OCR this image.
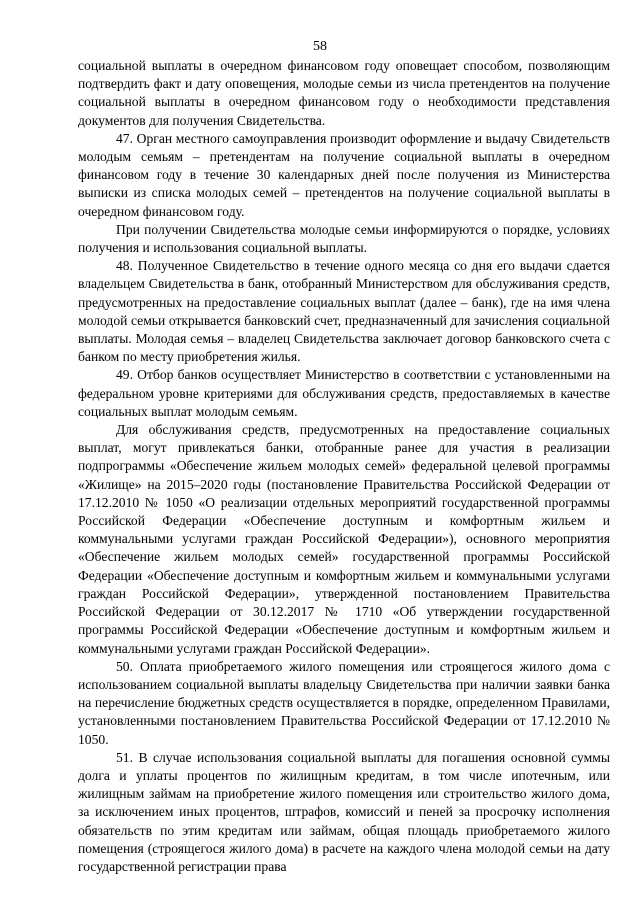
58

социальной выплаты в очередном финансовом году оповещает способом, позволяющим подтвердить факт и дату оповещения, молодые семьи из числа претендентов на получение социальной выплаты в очередном финансовом году о необходимости представления документов для получения Свидетельства.

47. Орган местного самоуправления производит оформление и выдачу Свидетельств молодым семьям – претендентам на получение социальной выплаты в очередном финансовом году в течение 30 календарных дней после получения из Министерства выписки из списка молодых семей – претендентов на получение социальной выплаты в очередном финансовом году.

При получении Свидетельства молодые семьи информируются о порядке, условиях получения и использования социальной выплаты.

48. Полученное Свидетельство в течение одного месяца со дня его выдачи сдается владельцем Свидетельства в банк, отобранный Министерством для обслуживания средств, предусмотренных на предоставление социальных выплат (далее – банк), где на имя члена молодой семьи открывается банковский счет, предназначенный для зачисления социальной выплаты. Молодая семья – владелец Свидетельства заключает договор банковского счета с банком по месту приобретения жилья.

49. Отбор банков осуществляет Министерство в соответствии с установленными на федеральном уровне критериями для обслуживания средств, предоставляемых в качестве социальных выплат молодым семьям.

Для обслуживания средств, предусмотренных на предоставление социальных выплат, могут привлекаться банки, отобранные ранее для участия в реализации подпрограммы «Обеспечение жильем молодых семей» федеральной целевой программы «Жилище» на 2015–2020 годы (постановление Правительства Российской Федерации от 17.12.2010 № 1050 «О реализации отдельных мероприятий государственной программы Российской Федерации «Обеспечение доступным и комфортным жильем и коммунальными услугами граждан Российской Федерации»), основного мероприятия «Обеспечение жильем молодых семей» государственной программы Российской Федерации «Обеспечение доступным и комфортным жильем и коммунальными услугами граждан Российской Федерации», утвержденной постановлением Правительства Российской Федерации от 30.12.2017 № 1710 «Об утверждении государственной программы Российской Федерации «Обеспечение доступным и комфортным жильем и коммунальными услугами граждан Российской Федерации».

50. Оплата приобретаемого жилого помещения или строящегося жилого дома с использованием социальной выплаты владельцу Свидетельства при наличии заявки банка на перечисление бюджетных средств осуществляется в порядке, определенном Правилами, установленными постановлением Правительства Российской Федерации от 17.12.2010 № 1050.

51. В случае использования социальной выплаты для погашения основной суммы долга и уплаты процентов по жилищным кредитам, в том числе ипотечным, или жилищным займам на приобретение жилого помещения или строительство жилого дома, за исключением иных процентов, штрафов, комиссий и пеней за просрочку исполнения обязательств по этим кредитам или займам, общая площадь приобретаемого жилого помещения (строящегося жилого дома) в расчете на каждого члена молодой семьи на дату государственной регистрации права
